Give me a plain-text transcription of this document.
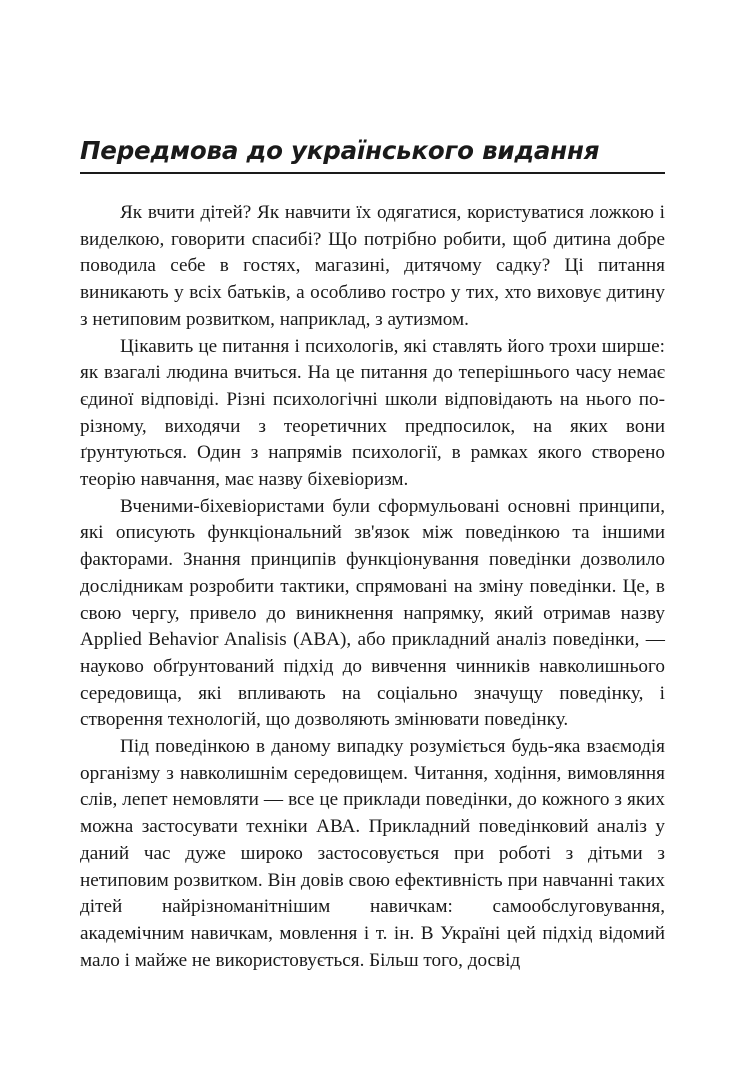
Передмова до українського видання

Як вчити дітей? Як навчити їх одягатися, користуватися ложкою і виделкою, говорити спасибі? Що потрібно робити, щоб дитина добре поводила себе в гостях, магазині, дитячому садку? Ці питання виникають у всіх батьків, а особливо гостро у тих, хто виховує дитину з нетиповим розвитком, наприклад, з аутизмом.

Цікавить це питання і психологів, які ставлять його трохи ширше: як взагалі людина вчиться. На це питання до теперішнього часу немає єдиної відповіді. Різні психологічні школи відповідають на нього по-різному, виходячи з теоретичних предпосилок, на яких вони ґрунтуються. Один з напрямів психології, в рамках якого створено теорію навчання, має назву біхевіоризм.

Вченими-біхевіористами були сформульовані основні принципи, які описують функціональний зв'язок між поведінкою та іншими факторами. Знання принципів функціонування поведінки дозволило дослідникам розробити тактики, спрямовані на зміну поведінки. Це, в свою чергу, привело до виникнення напрямку, який отримав назву Applied Behavior Analisis (ABA), або прикладний аналіз поведінки, — науково обґрунтований підхід до вивчення чинників навколишнього середовища, які впливають на соціально значущу поведінку, і створення технологій, що дозволяють змінювати поведінку.

Під поведінкою в даному випадку розуміється будь-яка взаємодія організму з навколишнім середовищем. Читання, ходіння, вимовляння слів, лепет немовляти — все це приклади поведінки, до кожного з яких можна застосувати техніки АВА. Прикладний поведінковий аналіз у даний час дуже широко застосовується при роботі з дітьми з нетиповим розвитком. Він довів свою ефективність при навчанні таких дітей найрізноманітнішим навичкам: самообслуговування, академічним навичкам, мовлення і т. ін. В Україні цей підхід відомий мало і майже не використовується. Більш того, досвід
